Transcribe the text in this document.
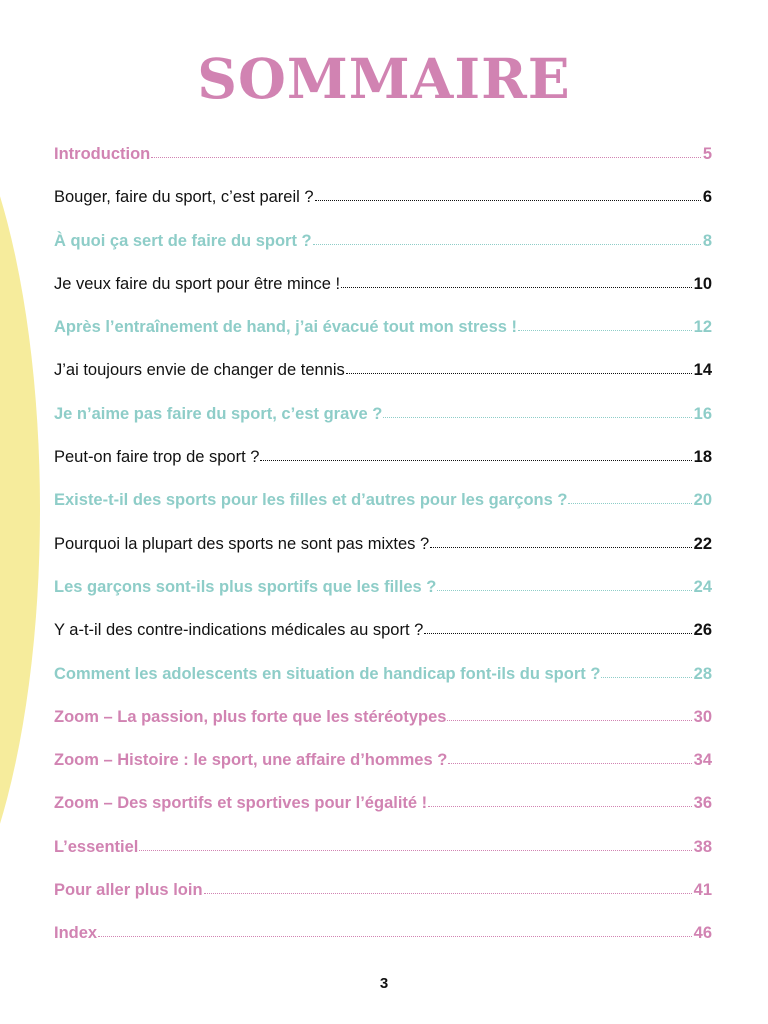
SOMMAIRE
Introduction	5
Bouger, faire du sport, c’est pareil ?	6
À quoi ça sert de faire du sport ?	8
Je veux faire du sport pour être mince !	10
Après l’entraînement de hand, j’ai évacué tout mon stress !	12
J’ai toujours envie de changer de tennis	14
Je n’aime pas faire du sport, c’est grave ?	16
Peut-on faire trop de sport ?	18
Existe-t-il des sports pour les filles et d’autres pour les garçons ?	20
Pourquoi la plupart des sports ne sont pas mixtes ?	22
Les garçons sont-ils plus sportifs que les filles ?	24
Y a-t-il des contre-indications médicales au sport ?	26
Comment les adolescents en situation de handicap font-ils du sport ?	28
Zoom – La passion, plus forte que les stéréotypes	30
Zoom – Histoire : le sport, une affaire d’hommes ?	34
Zoom – Des sportifs et sportives pour l’égalité !	36
L’essentiel	38
Pour aller plus loin	41
Index	46
3
